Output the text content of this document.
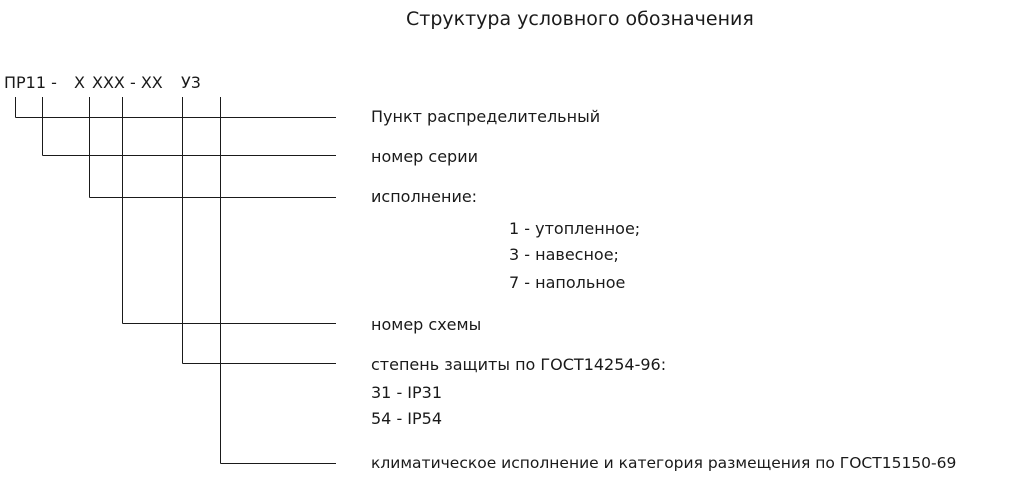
Структура условного обозначения
ПР11 - X XXX - XX У3
Пункт распределительный
номер серии
исполнение:
1 - утопленное;
3 - навесное;
7 - напольное
номер схемы
степень защиты по ГОСТ14254-96:
31 - IP31
54 - IP54
климатическое исполнение и категория размещения по ГОСТ15150-69
